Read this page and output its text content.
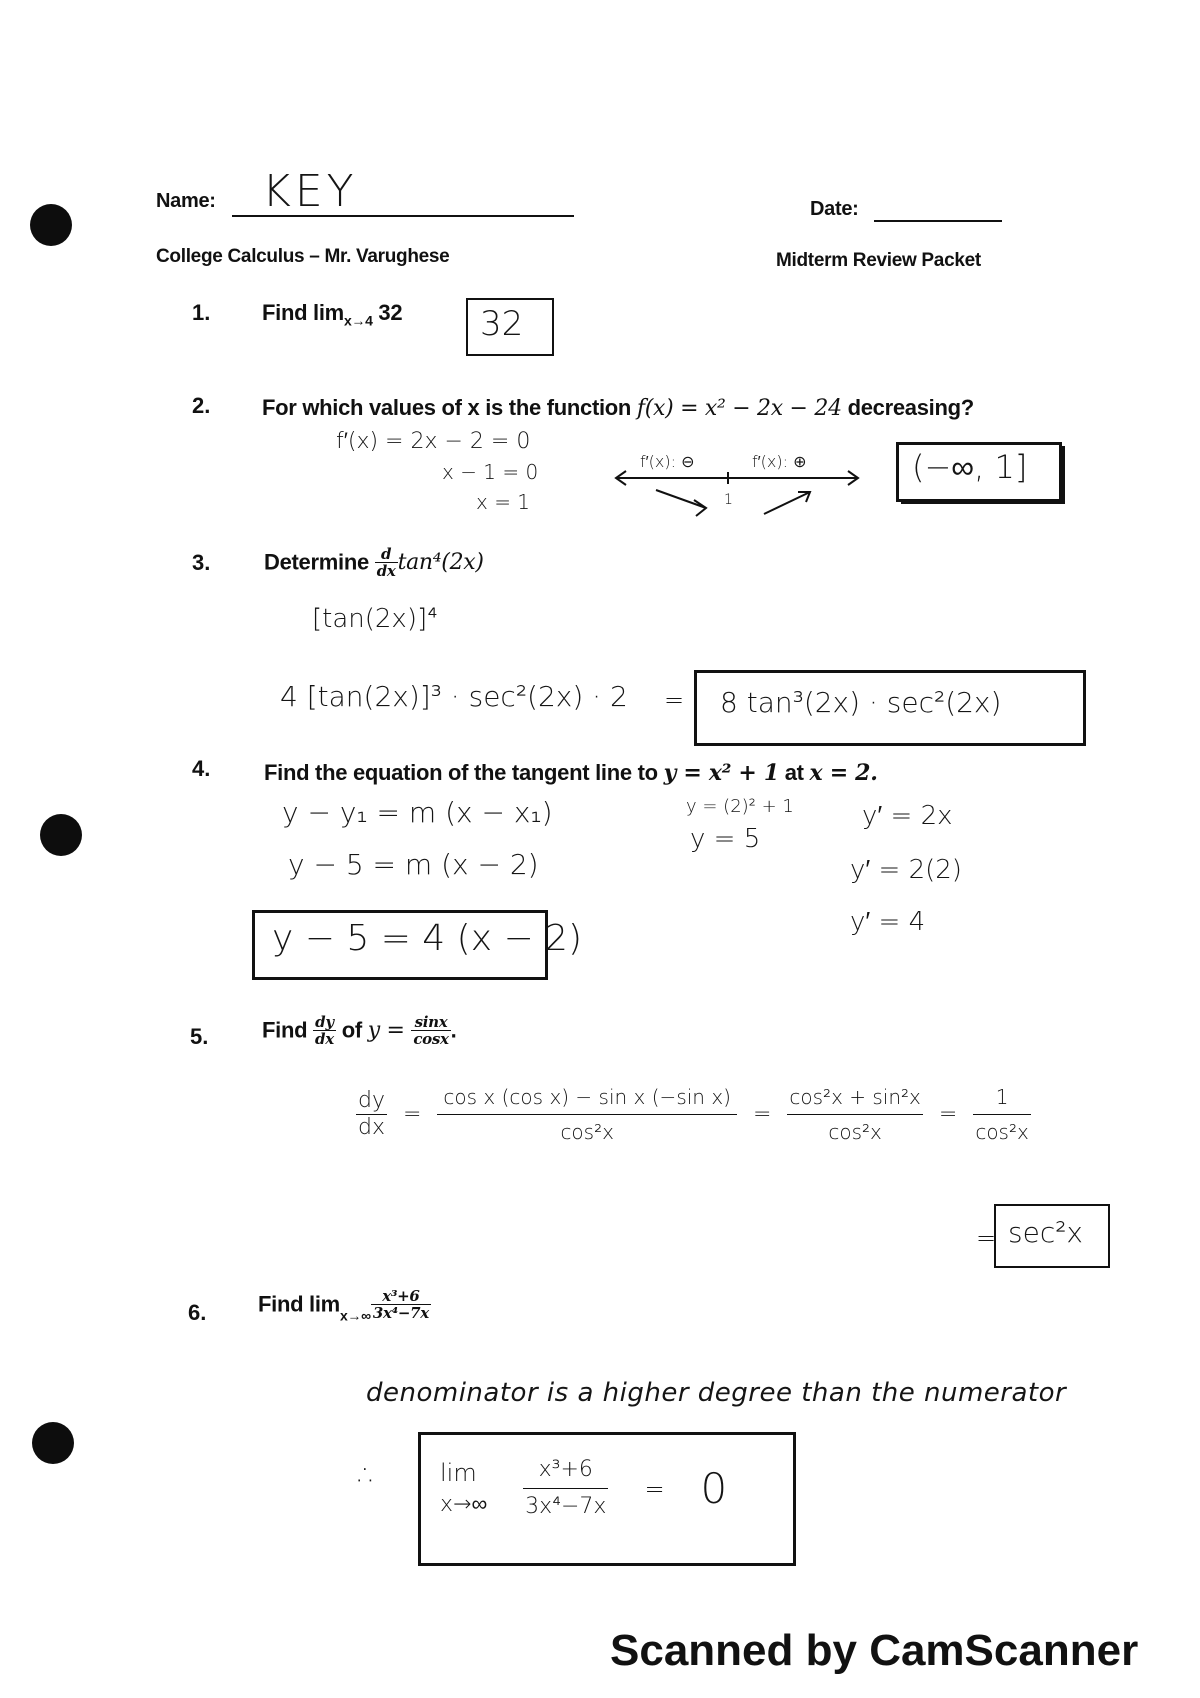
Name: KEY	Date:
College Calculus – Mr. Varughese	Midterm Review Packet
1. Find $\lim_{x\to 4} 32$ 32
2. For which values of x is the function f(x) = x² − 2x − 24 decreasing?
f′(x) = 2x − 2 = 0
x − 1 = 0
x = 1
f′(x): ⊖	f′(x): ⊕
1
(−∞, 1]
3. Determine $\frac{d}{dx} \tan^4(2x)$
[tan(2x)]⁴
4 [tan(2x)]³ · sec²(2x) · 2 = 8 tan³(2x) · sec²(2x)
4. Find the equation of the tangent line to y = x² + 1 at x = 2.
y − y₁ = m (x − x₁)
y − 5 = m (x − 2)
y = (2)² + 1
y = 5
y′ = 2x
y′ = 2(2)
y′ = 4
y − 5 = 4 (x − 2)
5. Find $\frac{dy}{dx}$ of $y = \frac{\sin x}{\cos x}$ .
$\frac{dy}{dx} = \frac{\text{cos x (cos x) − sin x (−sin x)}}{\text{cos²x}} = \frac{\text{cos²x + sin²x}}{\text{cos²x}} = \frac{1}{\text{cos²x}}$
= sec²x
6. Find $\lim_{x\to\infty} \frac{\text{x³+6}}{\text{3x⁴−7x}}$
denominator is a higher degree than the numerator
∴	lim
$x\to\infty \frac{\text{x³+6}}{\text{3x⁴−7x}} = 0$
Scanned by CamScanner
